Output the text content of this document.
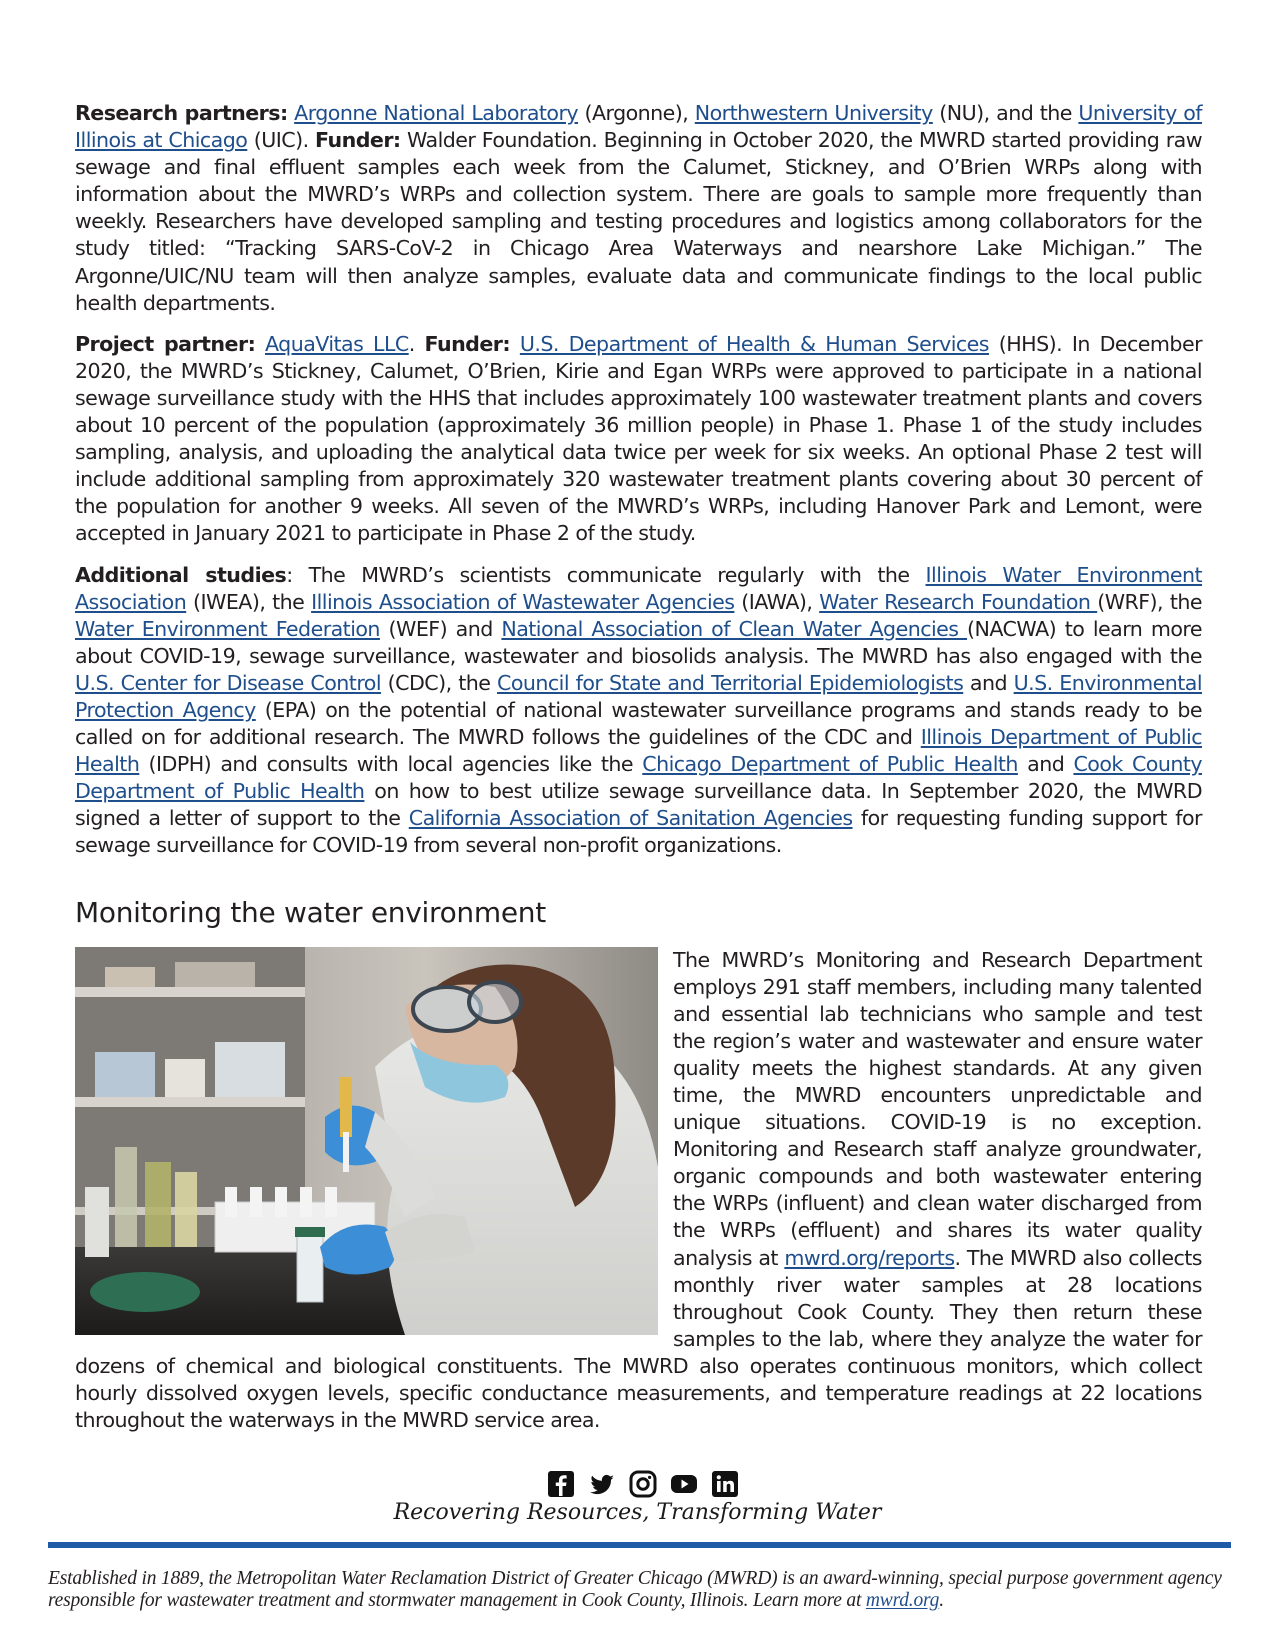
Research partners: Argonne National Laboratory (Argonne), Northwestern University (NU), and the University of Illinois at Chicago (UIC). Funder: Walder Foundation. Beginning in October 2020, the MWRD started providing raw sewage and final effluent samples each week from the Calumet, Stickney, and O’Brien WRPs along with information about the MWRD’s WRPs and collection system. There are goals to sample more frequently than weekly. Researchers have developed sampling and testing procedures and logistics among collaborators for the study titled: “Tracking SARS-CoV-2 in Chicago Area Waterways and nearshore Lake Michigan.” The Argonne/UIC/NU team will then analyze samples, evaluate data and communicate findings to the local public health departments.

Project partner: AquaVitas LLC. Funder: U.S. Department of Health & Human Services (HHS). In December 2020, the MWRD’s Stickney, Calumet, O’Brien, Kirie and Egan WRPs were approved to participate in a national sewage surveillance study with the HHS that includes approximately 100 wastewater treatment plants and covers about 10 percent of the population (approximately 36 million people) in Phase 1. Phase 1 of the study includes sampling, analysis, and uploading the analytical data twice per week for six weeks. An optional Phase 2 test will include additional sampling from approximately 320 wastewater treatment plants covering about 30 percent of the population for another 9 weeks. All seven of the MWRD’s WRPs, including Hanover Park and Lemont, were accepted in January 2021 to participate in Phase 2 of the study.

Additional studies: The MWRD’s scientists communicate regularly with the Illinois Water Environment Association (IWEA), the Illinois Association of Wastewater Agencies (IAWA), Water Research Foundation (WRF), the Water Environment Federation (WEF) and National Association of Clean Water Agencies (NACWA) to learn more about COVID-19, sewage surveillance, wastewater and biosolids analysis. The MWRD has also engaged with the U.S. Center for Disease Control (CDC), the Council for State and Territorial Epidemiologists and U.S. Environmental Protection Agency (EPA) on the potential of national wastewater surveillance programs and stands ready to be called on for additional research. The MWRD follows the guidelines of the CDC and Illinois Department of Public Health (IDPH) and consults with local agencies like the Chicago Department of Public Health and Cook County Department of Public Health on how to best utilize sewage surveillance data. In September 2020, the MWRD signed a letter of support to the California Association of Sanitation Agencies for requesting funding support for sewage surveillance for COVID-19 from several non-profit organizations.

Monitoring the water environment

The MWRD’s Monitoring and Research Department employs 291 staff members, including many talented and essential lab technicians who sample and test the region’s water and wastewater and ensure water quality meets the highest standards. At any given time, the MWRD encounters unpredictable and unique situations. COVID-19 is no exception. Monitoring and Research staff analyze groundwater, organic compounds and both wastewater entering the WRPs (influent) and clean water discharged from the WRPs (effluent) and shares its water quality analysis at mwrd.org/reports. The MWRD also collects monthly river water samples at 28 locations throughout Cook County. They then return these samples to the lab, where they analyze the water for dozens of chemical and biological constituents. The MWRD also operates continuous monitors, which collect hourly dissolved oxygen levels, specific conductance measurements, and temperature readings at 22 locations throughout the waterways in the MWRD service area.

Recovering Resources, Transforming Water
Established in 1889, the Metropolitan Water Reclamation District of Greater Chicago (MWRD) is an award-winning, special purpose government agency responsible for wastewater treatment and stormwater management in Cook County, Illinois. Learn more at mwrd.org.
